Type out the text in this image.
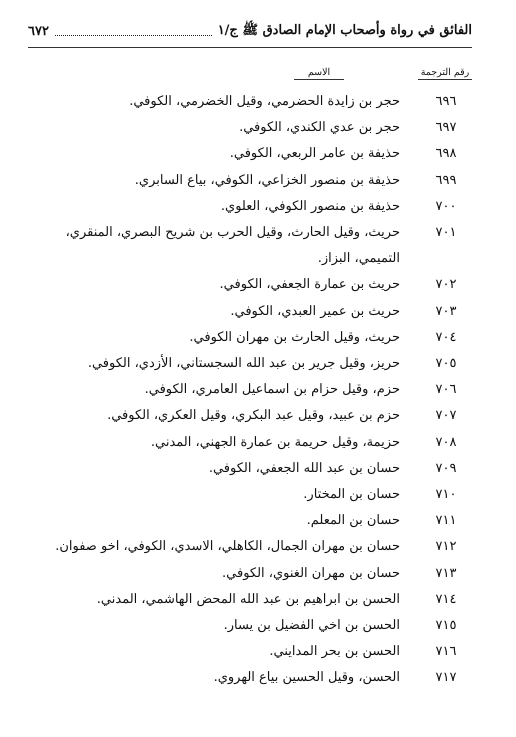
الفائق في رواة وأصحاب الإمام الصادق ﷺ ج/١
٦٧٢
رقم الترجمة
الاسم
٦٩٦
حجر بن زايدة الحضرمي، وقيل الخضرمي، الكوفي.
٦٩٧
حجر بن عدي الكندي، الكوفي.
٦٩٨
حذيفة بن عامر الربعي، الكوفي.
٦٩٩
حذيفة بن منصور الخزاعي، الكوفي، بياع السابري.
٧٠٠
حذيفة بن منصور الكوفي، العلوي.
٧٠١
حريث، وقيل الحارث، وقيل الحرب بن شريح البصري، المنقري، التميمي، البزاز.
٧٠٢
حريث بن عمارة الجعفي، الكوفي.
٧٠٣
حريث بن عمير العبدي، الكوفي.
٧٠٤
حريث، وقيل الحارث بن مهران الكوفي.
٧٠٥
حريز، وقيل جرير بن عبد الله السجستاني، الأزدي، الكوفي.
٧٠٦
حزم، وقيل حزام بن اسماعيل العامري، الكوفي.
٧٠٧
حزم بن عبيد، وقيل عبد البكري، وقيل العكري، الكوفي.
٧٠٨
حزيمة، وقيل حريمة بن عمارة الجهني، المدني.
٧٠٩
حسان بن عبد الله الجعفي، الكوفي.
٧١٠
حسان بن المختار.
٧١١
حسان بن المعلم.
٧١٢
حسان بن مهران الجمال، الكاهلي، الاسدي، الكوفي، اخو صفوان.
٧١٣
حسان بن مهران الغنوي، الكوفي.
٧١٤
الحسن بن ابراهيم بن عبد الله المحض الهاشمي، المدني.
٧١٥
الحسن بن اخي الفضيل بن يسار.
٧١٦
الحسن بن بحر المدايني.
٧١٧
الحسن، وقيل الحسين بياع الهروي.
